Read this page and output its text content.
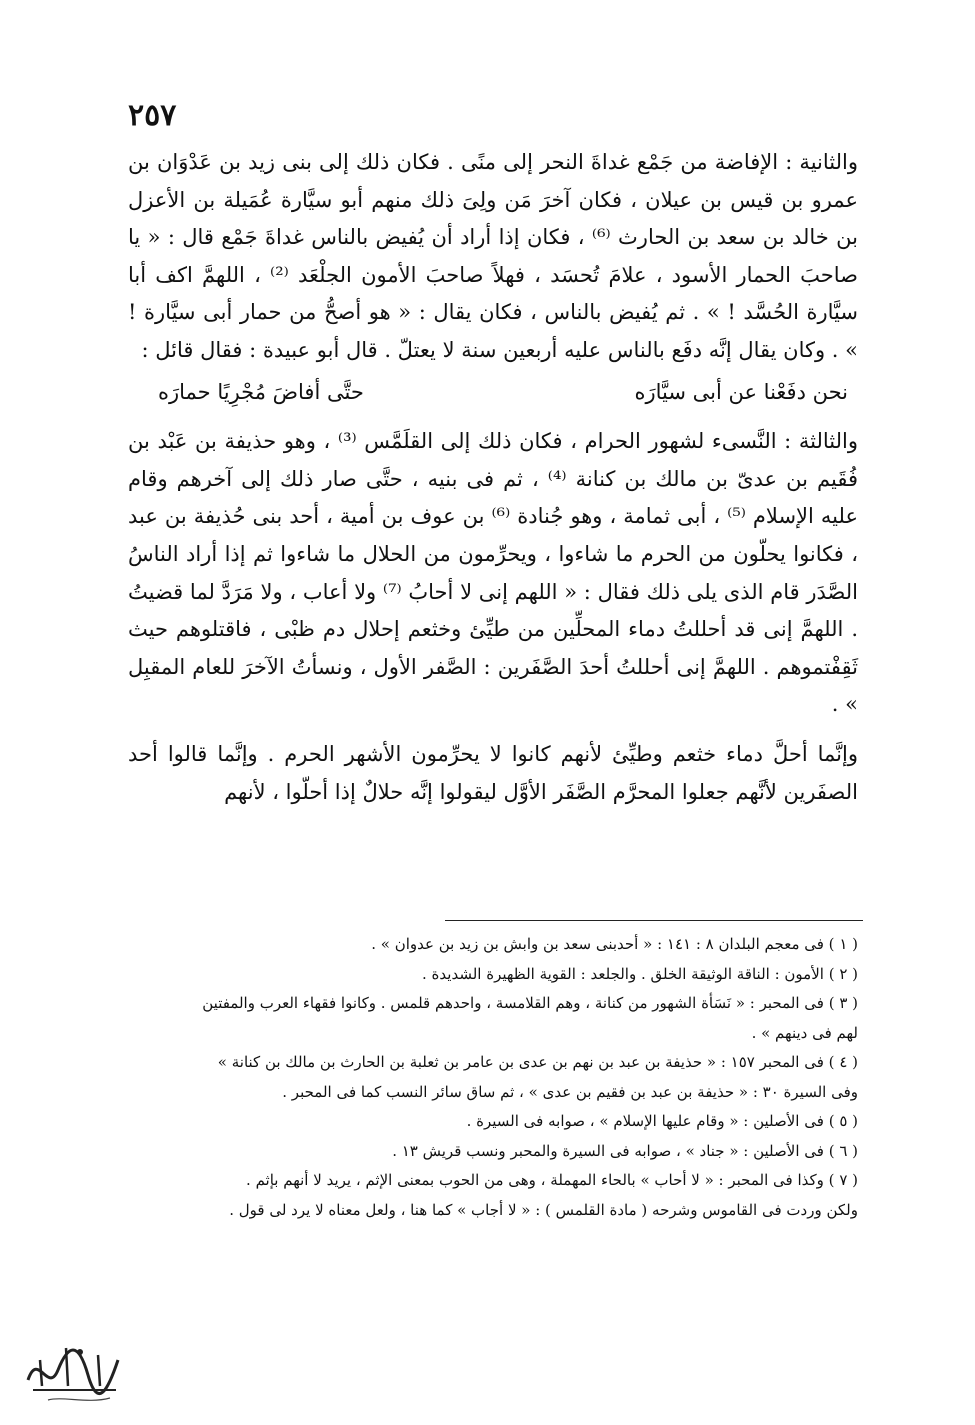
٢٥٧

والثانية : الإفاضة من جَمْع غداةَ النحر إلى منًى . فكان ذلك إلى بنى زيد بن عَدْوَان بن عمرو بن قيس بن عيلان ، فكان آخرَ مَن ولِىَ ذلك منهم أبو سيَّارة عُمَيلة بن الأعزل بن خالد بن سعد بن الحارث ⁽⁶⁾ ، فكان إذا أراد أن يُفيض بالناس غداةَ جَمْع قال : « يا صاحبَ الحمار الأسود ، علامَ تُحسَد ، فهلاً صاحبَ الأمون الجلْعَد ⁽²⁾ ، اللهمَّ اكف أبا سيَّارة الحُسَّد ! » . ثم يُفيض بالناس ، فكان يقال : « هو أصحُّ من حمار أبى سيَّارة ! » . وكان يقال إنَّه دفَع بالناس عليه أربعين سنة لا يعتلّ . قال أبو عبيدة : فقال قائل :

نحن دفَعْنا عن أبى سيَّارَه
حتَّى أفاضَ مُجْرِيًا حمارَه

والثالثة : النَّسىء لشهور الحرام ، فكان ذلك إلى القلَمَّس ⁽³⁾ ، وهو حذيفة بن عَبْد بن فُقَيم بن عدىّ بن مالك بن كنانة ⁽⁴⁾ ، ثم فى بنيه ، حتَّى صار ذلك إلى آخرهم وقام عليه الإسلام ⁽⁵⁾ ، أبى ثمامة ، وهو جُنادة ⁽⁶⁾ بن عوف بن أمية ، أحد بنى حُذيفة بن عبد ، فكانوا يحلّون من الحرم ما شاءوا ، ويحرِّمون من الحلال ما شاءوا ثم إذا أراد الناسُ الصَّدَر قام الذى يلى ذلك فقال : « اللهم إنى لا أحابُ ⁽⁷⁾ ولا أعاب ، ولا مَرَدَّ لما قضيتُ . اللهمَّ إنى قد أحللتُ دماء المحلِّين من طيِّئ وخثعم إحلال دم ظبْى ، فاقتلوهم حيث ثَقِفْتموهم . اللهمَّ إنى أحللتُ أحدَ الصَّفَرين : الصَّفر الأول ، ونسأتُ الآخرَ للعام المقبِل » .

وإنَّما أحلَّ دماء خثعم وطيِّئ لأنهم كانوا لا يحرِّمون الأشهر الحرم . وإنَّما قالوا أحد الصفَرين لأنَّهم جعلوا المحرَّم الصَّفَر الأوَّل ليقولوا إنَّه حلالٌ إذا أحلّوا ، لأنهم

( ١ ) فى معجم البلدان ٨ : ١٤١ : « أحدبنى سعد بن وابش بن زيد بن عدوان » .

( ٢ ) الأمون : الناقة الوثيقة الخلق . والجلعد : القوية الظهيرة الشديدة .

( ٣ ) فى المحبر : « نَسَأة الشهور من كنانة ، وهم القلامسة ، واحدهم قلمس . وكانوا فقهاء العرب والمفتين

لهم فى دينهم » .

( ٤ ) فى المحبر ١٥٧ : « حذيفة بن عبد بن نهم بن عدى بن عامر بن ثعلبة بن الحارث بن مالك بن كنانة »

وفى السيرة ٣٠ : « حذيفة بن عبد بن فقيم بن عدى » ، ثم ساق سائر النسب كما فى المحبر .

( ٥ ) فى الأصلين : « وقام عليها الإسلام » ، صوابه فى السيرة .

( ٦ ) فى الأصلين : « جناد » ، صوابه فى السيرة والمحبر ونسب قريش ١٣ .

( ٧ ) وكذا فى المحبر : « لا أحاب » بالحاء المهملة ، وهى من الحوب بمعنى الإثم ، يريد لا أنهم بإثم .

ولكن وردت فى القاموس وشرحه ( مادة القلمس ) : « لا أجاب » كما هنا ، ولعل معناه لا يرد لى قول .
